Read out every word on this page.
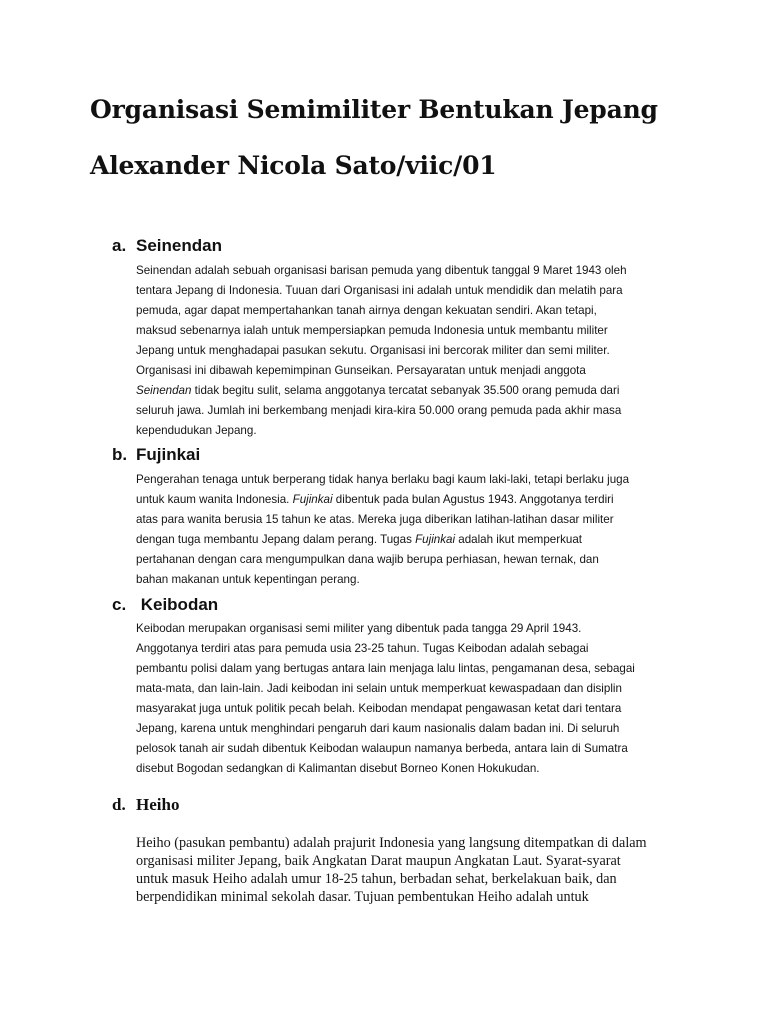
Organisasi Semimiliter Bentukan Jepang
Alexander Nicola Sato/viic/01
a. Seinendan
Seinendan adalah sebuah organisasi barisan pemuda yang dibentuk tanggal 9 Maret 1943 oleh
tentara Jepang di Indonesia. Tuuan dari Organisasi ini adalah untuk mendidik dan melatih para
pemuda, agar dapat mempertahankan tanah airnya dengan kekuatan sendiri. Akan tetapi,
maksud sebenarnya ialah untuk mempersiapkan pemuda Indonesia untuk membantu militer
Jepang untuk menghadapai pasukan sekutu. Organisasi ini bercorak militer dan semi militer.
Organisasi ini dibawah kepemimpinan Gunseikan. Persayaratan untuk menjadi anggota
Seinendan tidak begitu sulit, selama anggotanya tercatat sebanyak 35.500 orang pemuda dari
seluruh jawa. Jumlah ini berkembang menjadi kira-kira 50.000 orang pemuda pada akhir masa
kependudukan Jepang.
b. Fujinkai
Pengerahan tenaga untuk berperang tidak hanya berlaku bagi kaum laki-laki, tetapi berlaku juga
untuk kaum wanita Indonesia. Fujinkai dibentuk pada bulan Agustus 1943. Anggotanya terdiri
atas para wanita berusia 15 tahun ke atas. Mereka juga diberikan latihan-latihan dasar militer
dengan tuga membantu Jepang dalam perang. Tugas Fujinkai adalah ikut memperkuat
pertahanan dengan cara mengumpulkan dana wajib berupa perhiasan, hewan ternak, dan
bahan makanan untuk kepentingan perang.
c. Keibodan
Keibodan merupakan organisasi semi militer yang dibentuk pada tangga 29 April 1943.
Anggotanya terdiri atas para pemuda usia 23-25 tahun. Tugas Keibodan adalah sebagai
pembantu polisi dalam yang bertugas antara lain menjaga lalu lintas, pengamanan desa, sebagai
mata-mata, dan lain-lain. Jadi keibodan ini selain untuk memperkuat kewaspadaan dan disiplin
masyarakat juga untuk politik pecah belah. Keibodan mendapat pengawasan ketat dari tentara
Jepang, karena untuk menghindari pengaruh dari kaum nasionalis dalam badan ini. Di seluruh
pelosok tanah air sudah dibentuk Keibodan walaupun namanya berbeda, antara lain di Sumatra
disebut Bogodan sedangkan di Kalimantan disebut Borneo Konen Hokukudan.
d. Heiho
Heiho (pasukan pembantu) adalah prajurit Indonesia yang langsung ditempatkan di dalam
organisasi militer Jepang, baik Angkatan Darat maupun Angkatan Laut. Syarat-syarat
untuk masuk Heiho adalah umur 18-25 tahun, berbadan sehat, berkelakuan baik, dan
berpendidikan minimal sekolah dasar. Tujuan pembentukan Heiho adalah untuk
